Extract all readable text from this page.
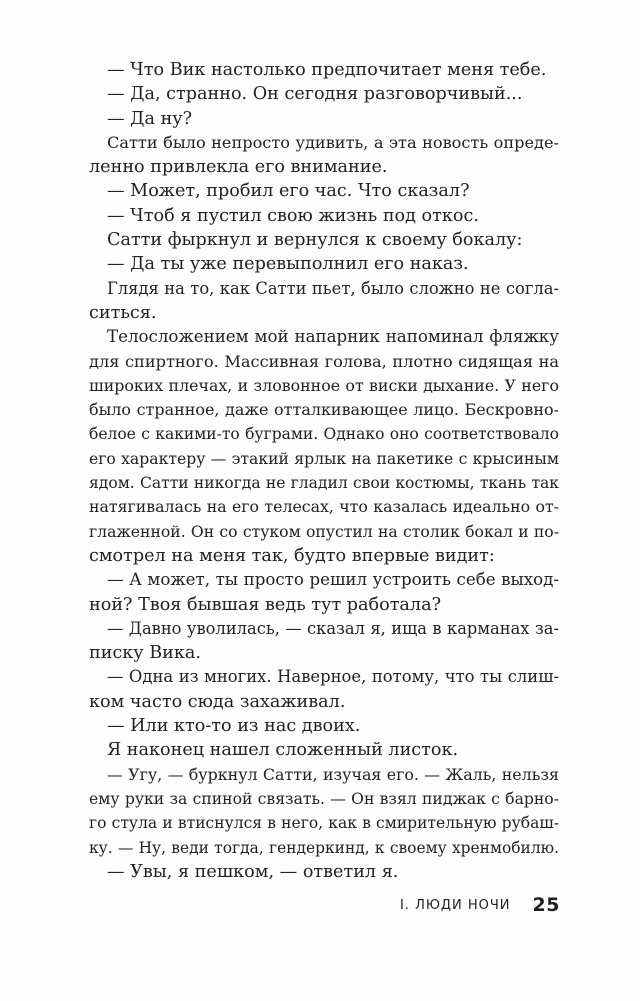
— Что Вик настолько предпочитает меня тебе.
— Да, странно. Он сегодня разговорчивый...
— Да ну?
Сатти было непросто удивить, а эта новость опреде-
ленно привлекла его внимание.
— Может, пробил его час. Что сказал?
— Чтоб я пустил свою жизнь под откос.
Сатти фыркнул и вернулся к своему бокалу:
— Да ты уже перевыполнил его наказ.
Глядя на то, как Сатти пьет, было сложно не согла-
ситься.
Телосложением мой напарник напоминал фляжку
для спиртного. Массивная голова, плотно сидящая на
широких плечах, и зловонное от виски дыхание. У него
было странное, даже отталкивающее лицо. Бескровно-
белое с какими-то буграми. Однако оно соответствовало
его характеру — этакий ярлык на пакетике с крысиным
ядом. Сатти никогда не гладил свои костюмы, ткань так
натягивалась на его телесах, что казалась идеально от-
глаженной. Он со стуком опустил на столик бокал и по-
смотрел на меня так, будто впервые видит:
— А может, ты просто решил устроить себе выход-
ной? Твоя бывшая ведь тут работала?
— Давно уволилась, — сказал я, ища в карманах за-
писку Вика.
— Одна из многих. Наверное, потому, что ты слиш-
ком часто сюда захаживал.
— Или кто-то из нас двоих.
Я наконец нашел сложенный листок.
— Угу, — буркнул Сатти, изучая его. — Жаль, нельзя
ему руки за спиной связать. — Он взял пиджак с барно-
го стула и втиснулся в него, как в смирительную рубаш-
ку. — Ну, веди тогда, гендеркинд, к своему хренмобилю.
— Увы, я пешком, — ответил я.
I. ЛЮДИ НОЧИ 25
